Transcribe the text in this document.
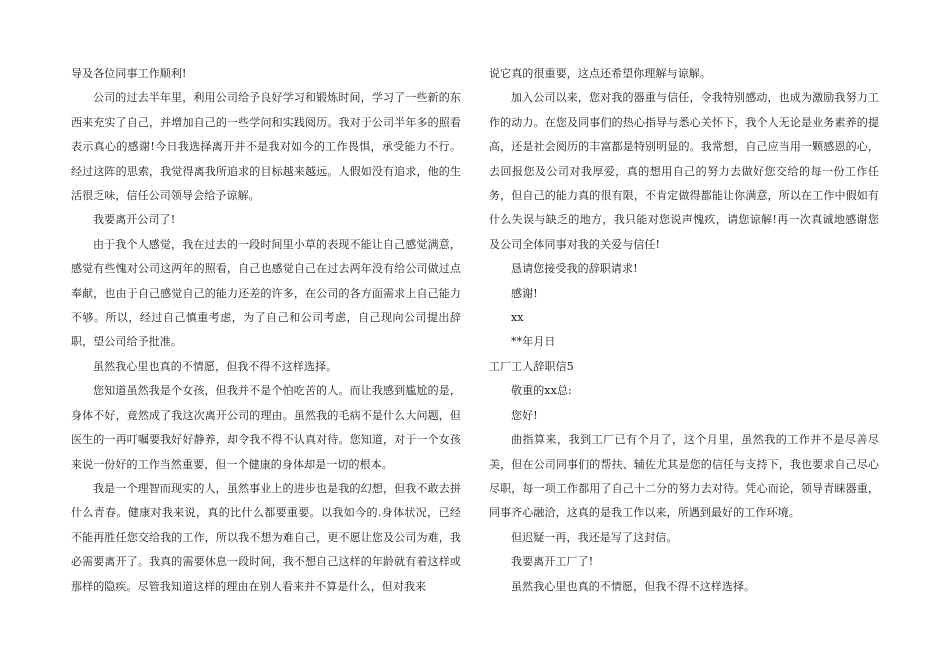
导及各位同事工作顺利!

公司的过去半年里，利用公司给予良好学习和锻炼时间，学习了一些新的东西来充实了自己，并增加自己的一些学问和实践阅历。我对于公司半年多的照看表示真心的感谢!今日我选择离开并不是我对如今的工作畏惧，承受能力不行。经过这阵的思索，我觉得离我所追求的目标越来越远。人假如没有追求，他的生活很乏味，信任公司领导会给予谅解。

我要离开公司了!

由于我个人感觉，我在过去的一段时间里小草的表现不能让自己感觉满意，感觉有些愧对公司这两年的照看，自己也感觉自己在过去两年没有给公司做过点奉献，也由于自己感觉自己的能力还差的许多，在公司的各方面需求上自己能力不够。所以，经过自己慎重考虑，为了自己和公司考虑，自己现向公司提出辞职，望公司给予批准。

虽然我心里也真的不情愿，但我不得不这样选择。

您知道虽然我是个女孩，但我并不是个怕吃苦的人。而让我感到尴尬的是，身体不好，竟然成了我这次离开公司的理由。虽然我的毛病不是什么大问题，但医生的一再叮嘱要我好好静养，却令我不得不认真对待。您知道，对于一个女孩来说一份好的工作当然重要，但一个健康的身体却是一切的根本。

我是一个理智而现实的人，虽然事业上的进步也是我的幻想，但我不敢去拼什么青春。健康对我来说，真的比什么都要重要。以我如今的.身体状况，已经不能再胜任您交给我的工作，所以我不想为难自己，更不愿让您及公司为难，我必需要离开了。我真的需要休息一段时间，我不想自己这样的年龄就有着这样或那样的隐疾。尽管我知道这样的理由在别人看来并不算是什么，但对我来

说它真的很重要，这点还希望你理解与谅解。

加入公司以来，您对我的器重与信任，令我特别感动，也成为激励我努力工作的动力。在您及同事们的热心指导与悉心关怀下，我个人无论是业务素养的提高，还是社会阅历的丰富都是特别明显的。我常想，自己应当用一颗感恩的心，去回报您及公司对我厚爱，真的想用自己的努力去做好您交给的每一份工作任务，但自己的能力真的很有限，不肯定做得都能让你满意，所以在工作中假如有什么失误与缺乏的地方，我只能对您说声愧疚，请您谅解!再一次真诚地感谢您及公司全体同事对我的关爱与信任!

恳请您接受我的辞职请求!

感谢!

xx

**年月日

工厂工人辞职信5

敬重的xx总:

您好!

曲指算来，我到工厂已有个月了，这个月里，虽然我的工作并不是尽善尽美，但在公司同事们的帮扶、辅佐尤其是您的信任与支持下，我也要求自己尽心尽职，每一项工作都用了自己十二分的努力去对待。凭心而论，领导青睐器重，同事齐心融洽，这真的是我工作以来，所遇到最好的工作环境。

但迟疑一再，我还是写了这封信。

我要离开工厂了!

虽然我心里也真的不情愿，但我不得不这样选择。
